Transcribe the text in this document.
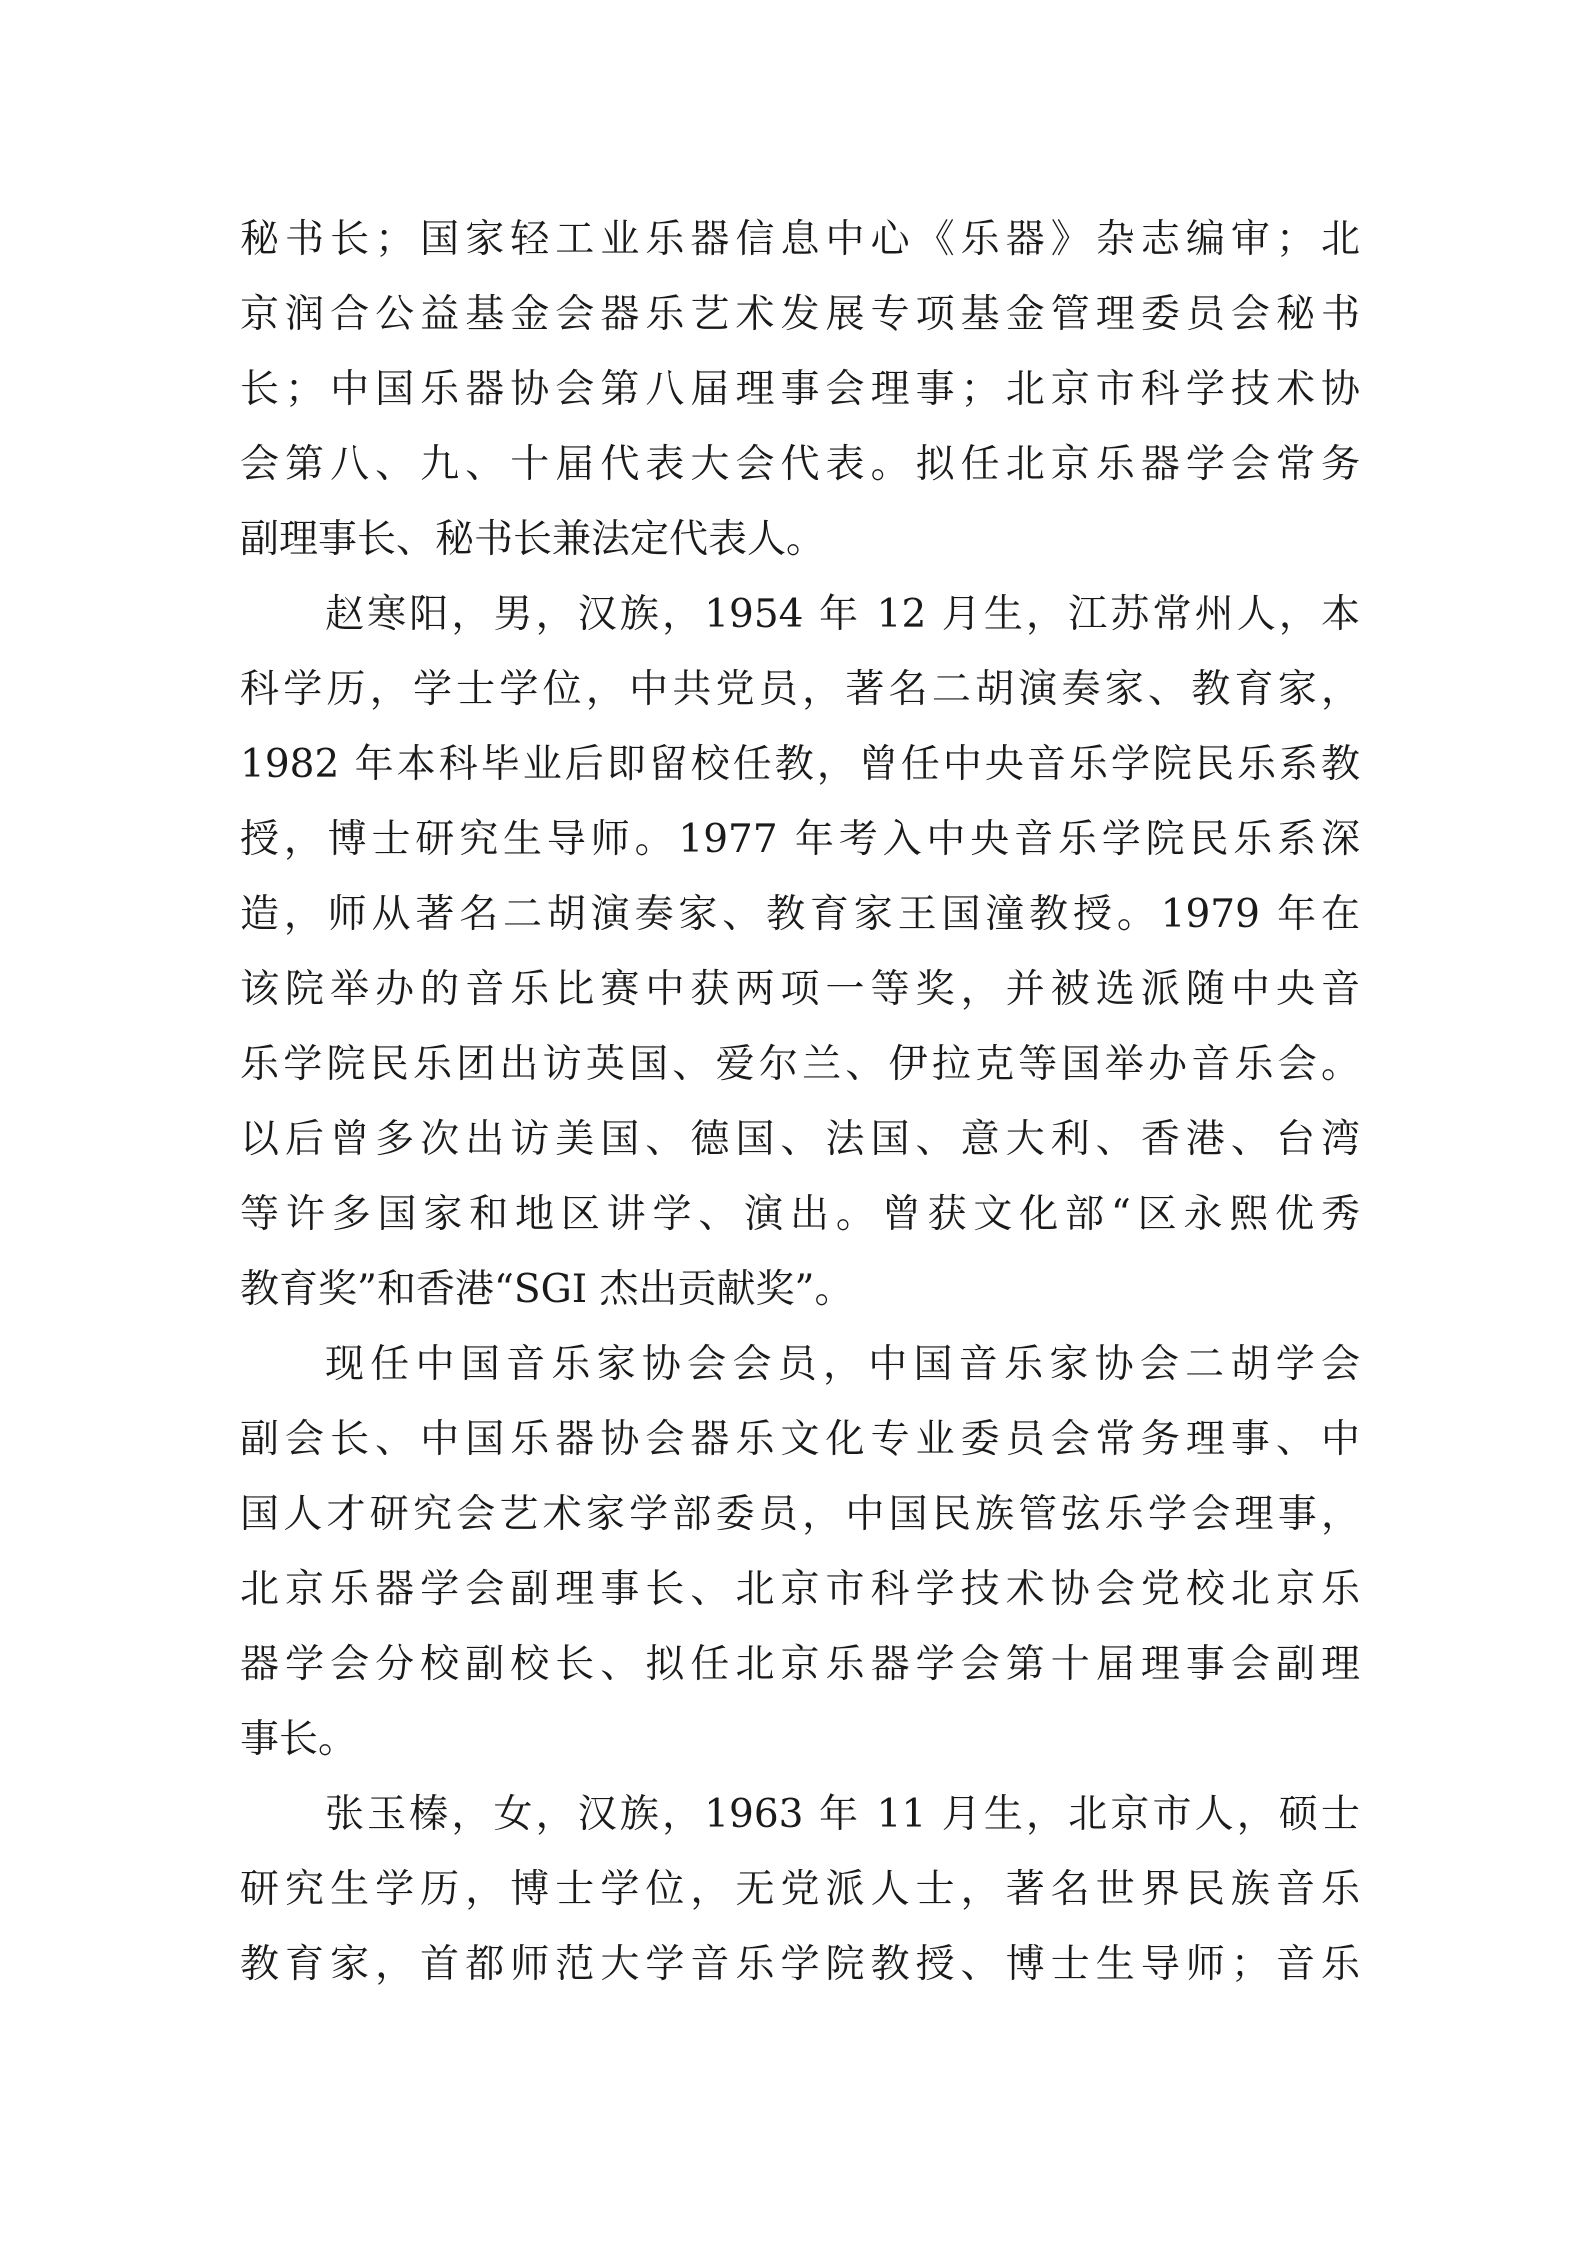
秘书长；国家轻工业乐器信息中心《乐器》杂志编审；北
京润合公益基金会器乐艺术发展专项基金管理委员会秘书
长；中国乐器协会第八届理事会理事；北京市科学技术协
会第八、九、十届代表大会代表。拟任北京乐器学会常务
副理事长、秘书长兼法定代表人。
赵寒阳，男，汉族，1954 年 12 月生，江苏常州人，本
科学历，学士学位，中共党员，著名二胡演奏家、教育家，
1982 年本科毕业后即留校任教，曾任中央音乐学院民乐系教
授，博士研究生导师。1977 年考入中央音乐学院民乐系深
造，师从著名二胡演奏家、教育家王国潼教授。1979 年在
该院举办的音乐比赛中获两项一等奖，并被选派随中央音
乐学院民乐团出访英国、爱尔兰、伊拉克等国举办音乐会。
以后曾多次出访美国、德国、法国、意大利、香港、台湾
等许多国家和地区讲学、演出。曾获文化部“区永熙优秀
教育奖”和香港“SGI 杰出贡献奖”。
现任中国音乐家协会会员，中国音乐家协会二胡学会
副会长、中国乐器协会器乐文化专业委员会常务理事、中
国人才研究会艺术家学部委员，中国民族管弦乐学会理事，
北京乐器学会副理事长、北京市科学技术协会党校北京乐
器学会分校副校长、拟任北京乐器学会第十届理事会副理
事长。
张玉榛，女，汉族，1963 年 11 月生，北京市人，硕士
研究生学历，博士学位，无党派人士，著名世界民族音乐
教育家，首都师范大学音乐学院教授、博士生导师；音乐
